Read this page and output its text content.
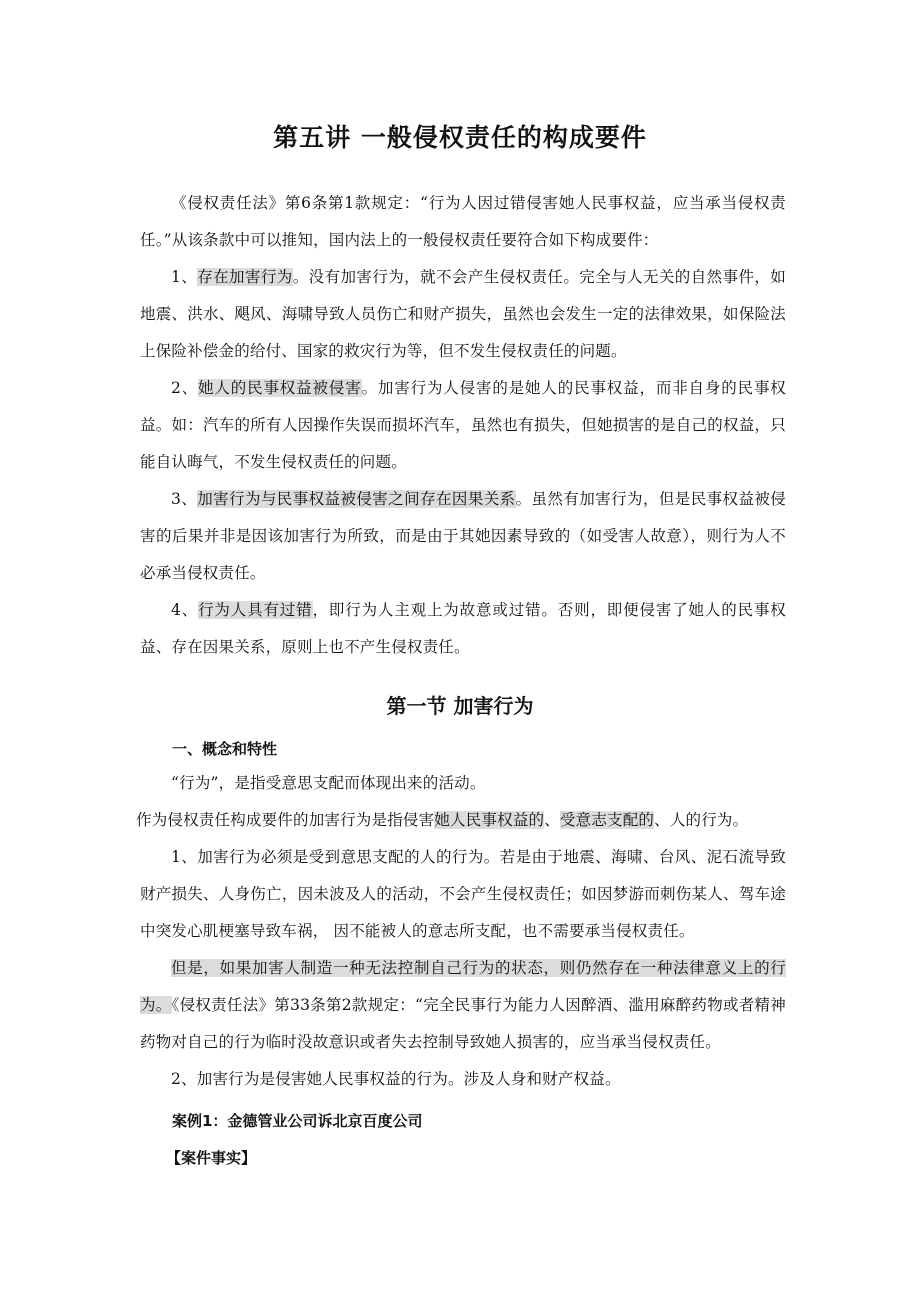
第五讲 一般侵权责任的构成要件

《侵权责任法》第6条第1款规定：“行为人因过错侵害她人民事权益，应当承当侵权责任。”从该条款中可以推知，国内法上的一般侵权责任要符合如下构成要件：

1、存在加害行为。没有加害行为，就不会产生侵权责任。完全与人无关的自然事件，如地震、洪水、飓风、海啸导致人员伤亡和财产损失，虽然也会发生一定的法律效果，如保险法上保险补偿金的给付、国家的救灾行为等，但不发生侵权责任的问题。

2、她人的民事权益被侵害。加害行为人侵害的是她人的民事权益，而非自身的民事权益。如：汽车的所有人因操作失误而损坏汽车，虽然也有损失，但她损害的是自己的权益，只能自认晦气，不发生侵权责任的问题。

3、加害行为与民事权益被侵害之间存在因果关系。虽然有加害行为，但是民事权益被侵害的后果并非是因该加害行为所致，而是由于其她因素导致的（如受害人故意），则行为人不必承当侵权责任。

4、行为人具有过错，即行为人主观上为故意或过错。否则，即便侵害了她人的民事权益、存在因果关系，原则上也不产生侵权责任。

第一节 加害行为

一、概念和特性

“行为”，是指受意思支配而体现出来的活动。

作为侵权责任构成要件的加害行为是指侵害她人民事权益的、受意志支配的、人的行为。

1、加害行为必须是受到意思支配的人的行为。若是由于地震、海啸、台风、泥石流导致财产损失、人身伤亡，因未波及人的活动，不会产生侵权责任；如因梦游而刺伤某人、驾车途中突发心肌梗塞导致车祸， 因不能被人的意志所支配，也不需要承当侵权责任。

但是，如果加害人制造一种无法控制自己行为的状态，则仍然存在一种法律意义上的行为。《侵权责任法》第33条第2款规定：“完全民事行为能力人因醉酒、滥用麻醉药物或者精神药物对自己的行为临时没故意识或者失去控制导致她人损害的，应当承当侵权责任。

2、加害行为是侵害她人民事权益的行为。涉及人身和财产权益。

案例1：金德管业公司诉北京百度公司

【案件事实】
